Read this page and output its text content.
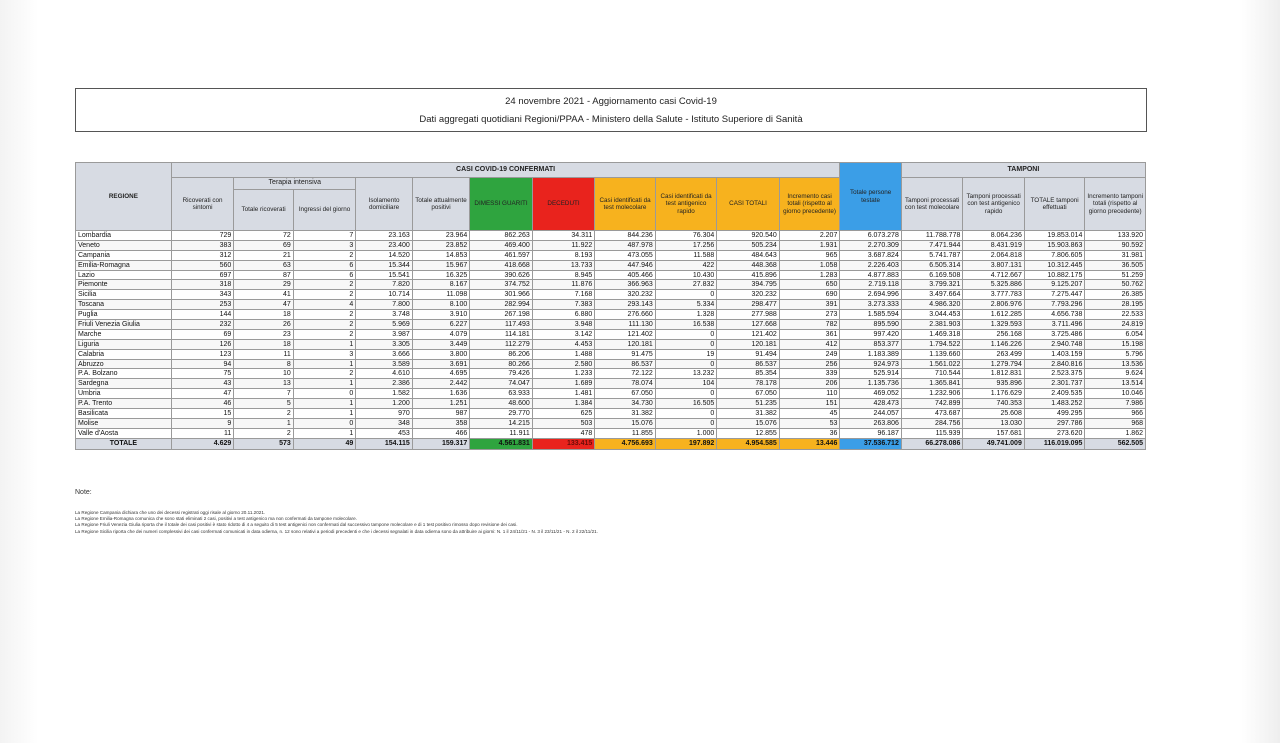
24 novembre 2021 - Aggiornamento casi Covid-19
Dati aggregati quotidiani Regioni/PPAA - Ministero della Salute - Istituto Superiore di Sanità
REGIONE	CASI COVID-19 CONFERMATI											Totale persone testate	TAMPONI			
	Ricoverati con sintomi	Terapia intensiva		Isolamento domiciliare	Totale attualmente positivi	DIMESSI GUARITI	DECEDUTI	Casi identificati da test molecolare	Casi identificati da test antigenico rapido	CASI TOTALI	Incremento casi totali (rispetto al giorno precedente)		Tamponi processati con test molecolare	Tamponi processati con test antigenico rapido	TOTALE tamponi effettuati	Incremento tamponi totali (rispetto al giorno precedente)
		Totale ricoverati	Ingressi del giorno													
Lombardia	729	72	7	23.163	23.964	862.263	34.311	844.236	76.304	920.540	2.207	6.073.278	11.788.778	8.064.236	19.853.014	133.920
Veneto	383	69	3	23.400	23.852	469.400	11.922	487.978	17.256	505.234	1.931	2.270.309	7.471.944	8.431.919	15.903.863	90.592
Campania	312	21	2	14.520	14.853	461.597	8.193	473.055	11.588	484.643	965	3.687.824	5.741.787	2.064.818	7.806.605	31.981
Emilia-Romagna	560	63	6	15.344	15.967	418.668	13.733	447.946	422	448.368	1.058	2.226.403	6.505.314	3.807.131	10.312.445	36.505
Lazio	697	87	6	15.541	16.325	390.626	8.945	405.466	10.430	415.896	1.283	4.877.883	6.169.508	4.712.667	10.882.175	51.259
Piemonte	318	29	2	7.820	8.167	374.752	11.876	366.963	27.832	394.795	650	2.719.118	3.799.321	5.325.886	9.125.207	50.762
Sicilia	343	41	2	10.714	11.098	301.966	7.168	320.232	0	320.232	690	2.694.996	3.497.664	3.777.783	7.275.447	26.385
Toscana	253	47	4	7.800	8.100	282.994	7.383	293.143	5.334	298.477	391	3.273.333	4.986.320	2.806.976	7.793.296	28.195
Puglia	144	18	2	3.748	3.910	267.198	6.880	276.660	1.328	277.988	273	1.585.594	3.044.453	1.612.285	4.656.738	22.533
Friuli Venezia Giulia	232	26	2	5.969	6.227	117.493	3.948	111.130	16.538	127.668	782	895.590	2.381.903	1.329.593	3.711.496	24.819
Marche	69	23	2	3.987	4.079	114.181	3.142	121.402	0	121.402	361	997.420	1.469.318	256.168	3.725.486	6.054
Liguria	126	18	1	3.305	3.449	112.279	4.453	120.181	0	120.181	412	853.377	1.794.522	1.146.226	2.940.748	15.198
Calabria	123	11	3	3.666	3.800	86.206	1.488	91.475	19	91.494	249	1.183.389	1.139.660	263.499	1.403.159	5.796
Abruzzo	94	8	1	3.589	3.691	80.266	2.580	86.537	0	86.537	256	924.973	1.561.022	1.279.794	2.840.816	13.536
P.A. Bolzano	75	10	2	4.610	4.695	79.426	1.233	72.122	13.232	85.354	339	525.914	710.544	1.812.831	2.523.375	9.624
Sardegna	43	13	1	2.386	2.442	74.047	1.689	78.074	104	78.178	206	1.135.736	1.365.841	935.896	2.301.737	13.514
Umbria	47	7	0	1.582	1.636	63.933	1.481	67.050	0	67.050	110	469.052	1.232.906	1.176.629	2.409.535	10.046
P.A. Trento	46	5	1	1.200	1.251	48.600	1.384	34.730	16.505	51.235	151	428.473	742.899	740.353	1.483.252	7.986
Basilicata	15	2	1	970	987	29.770	625	31.382	0	31.382	45	244.057	473.687	25.608	499.295	966
Molise	9	1	0	348	358	14.215	503	15.076	0	15.076	53	263.806	284.756	13.030	297.786	968
Valle d'Aosta	11	2	1	453	466	11.911	478	11.855	1.000	12.855	36	96.187	115.939	157.681	273.620	1.862
TOTALE	4.629	573	49	154.115	159.317	4.561.831	133.415	4.756.693	197.892	4.954.585	13.446	37.536.712	66.278.086	49.741.009	116.019.095	562.505
Note:
La Regione Campania dichiara che uno dei decessi registrati oggi risale al giorno 20.11.2021.
La Regione Emilia-Romagna comunica che sono stati eliminati 2 casi, positivi a test antigenico ma non confermati da tampone molecolare.
La Regione Friuli Venezia Giulia riporta che il totale dei casi positivi è stato ridotto di 4 a seguito di 5 test antigenici non confermati dal successivo tampone molecolare e di 1 test positivo rimosso dopo revisione dei casi.
La Regione Sicilia riporta che dei numeri complessivi dei casi confermati comunicati in data odierna, n. 12 sono relativi a periodi precedenti e che i decessi segnalati in data odierna sono da attribuire ai giorni: N. 1 il 24/11/21 - N. 3 il 23/11/21 - N. 2 il 22/11/21.
